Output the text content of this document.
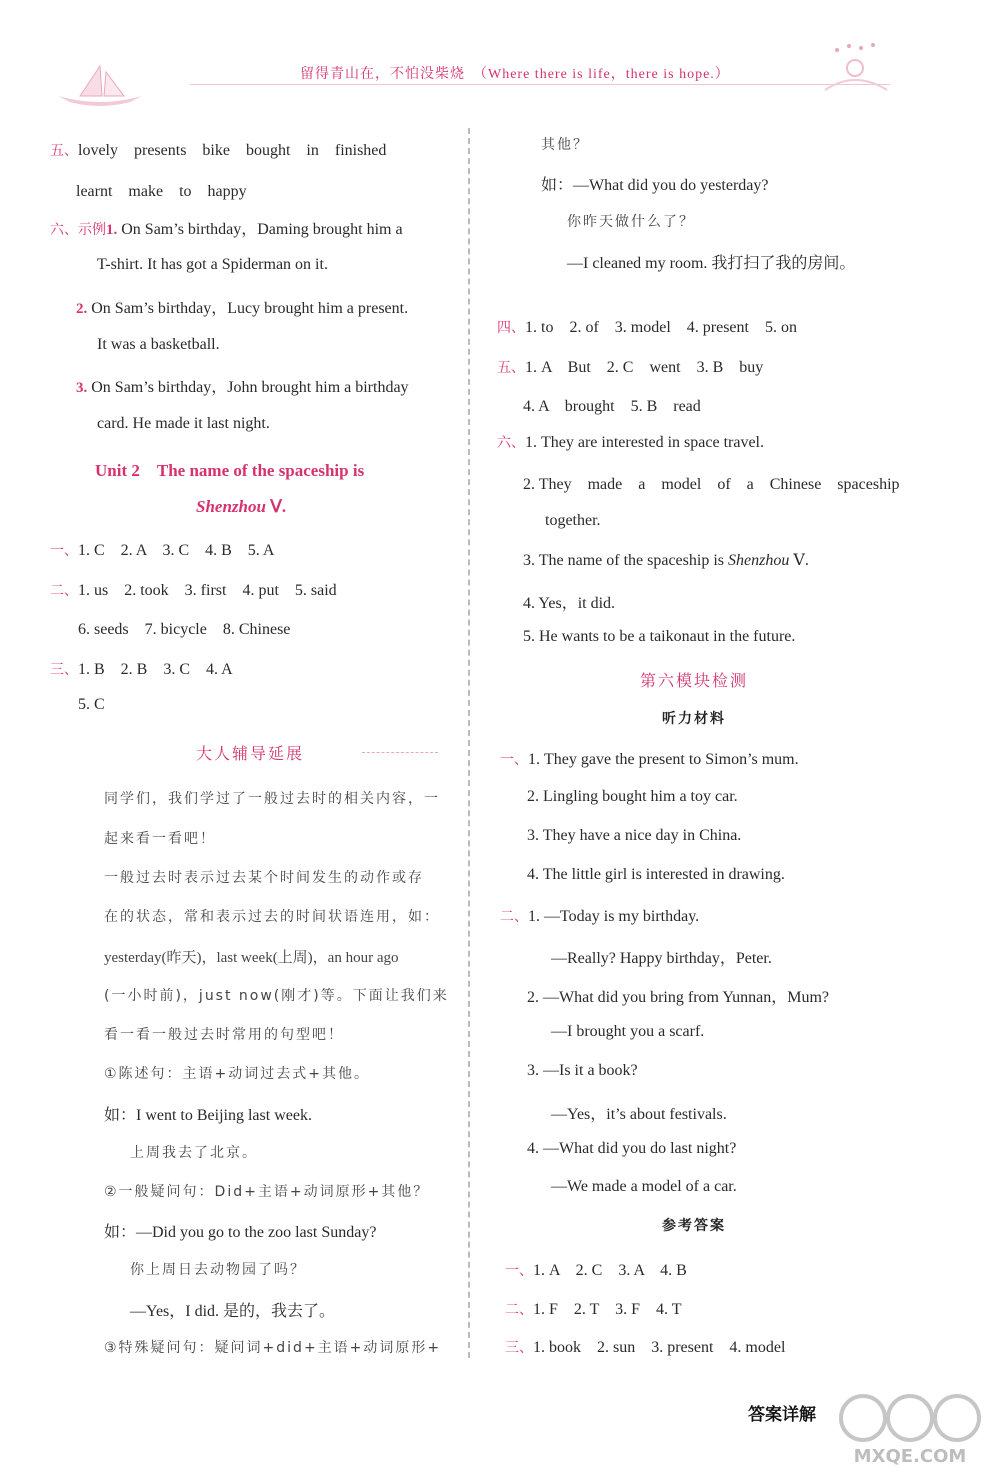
留得青山在，不怕没柴烧　 （Where there is life，there is hope.）
五、lovely　presents　bike　bought　in　finished
learnt　make　to　happy
六、示例1. On Sam’s birthday，Daming brought him a
T-shirt. It has got a Spiderman on it.
2. On Sam’s birthday，Lucy brought him a present.
It was a basketball.
3. On Sam’s birthday，John brought him a birthday
card. He made it last night.
Unit 2　The name of the spaceship is
Shenzhou Ⅴ.
一、1. C　2. A　3. C　4. B　5. A
二、1. us　2. took　3. first　4. put　5. said
6. seeds　7. bicycle　8. Chinese
三、1. B　2. B　3. C　4. A
5. C
大人辅导延展
同学们，我们学过了一般过去时的相关内容，一
起来看一看吧！
一般过去时表示过去某个时间发生的动作或存
在的状态，常和表示过去的时间状语连用，如：
yesterday(昨天)，last week(上周)，an hour ago
(一小时前)，just now(刚才)等。下面让我们来
看一看一般过去时常用的句型吧！
①陈述句：主语+动词过去式+其他。
如：I went to Beijing last week.
上周我去了北京。
②一般疑问句：Did+主语+动词原形+其他？
如：—Did you go to the zoo last Sunday?
你上周日去动物园了吗？
—Yes，I did. 是的，我去了。
③特殊疑问句：疑问词+did+主语+动词原形+
其他？
如：—What did you do yesterday?
你昨天做什么了？
—I cleaned my room. 我打扫了我的房间。
四、1. to　2. of　3. model　4. present　5. on
五、1. A　But　2. C　went　3. B　buy
4. A　brought　5. B　read
六、1. They are interested in space travel.
2. They　made　a　model　of　a　Chinese　spaceship
together.
3. The name of the spaceship is Shenzhou Ⅴ.
4. Yes，it did.
5. He wants to be a taikonaut in the future.
第六模块检测
听力材料
一、1. They gave the present to Simon’s mum.
2. Lingling bought him a toy car.
3. They have a nice day in China.
4. The little girl is interested in drawing.
二、1. —Today is my birthday.
—Really? Happy birthday，Peter.
2. —What did you bring from Yunnan，Mum?
—I brought you a scarf.
3. —Is it a book?
—Yes，it’s about festivals.
4. —What did you do last night?
—We made a model of a car.
参考答案
一、1. A　2. C　3. A　4. B
二、1. F　2. T　3. F　4. T
三、1. book　2. sun　3. present　4. model
答案详解
MXQE.COM
